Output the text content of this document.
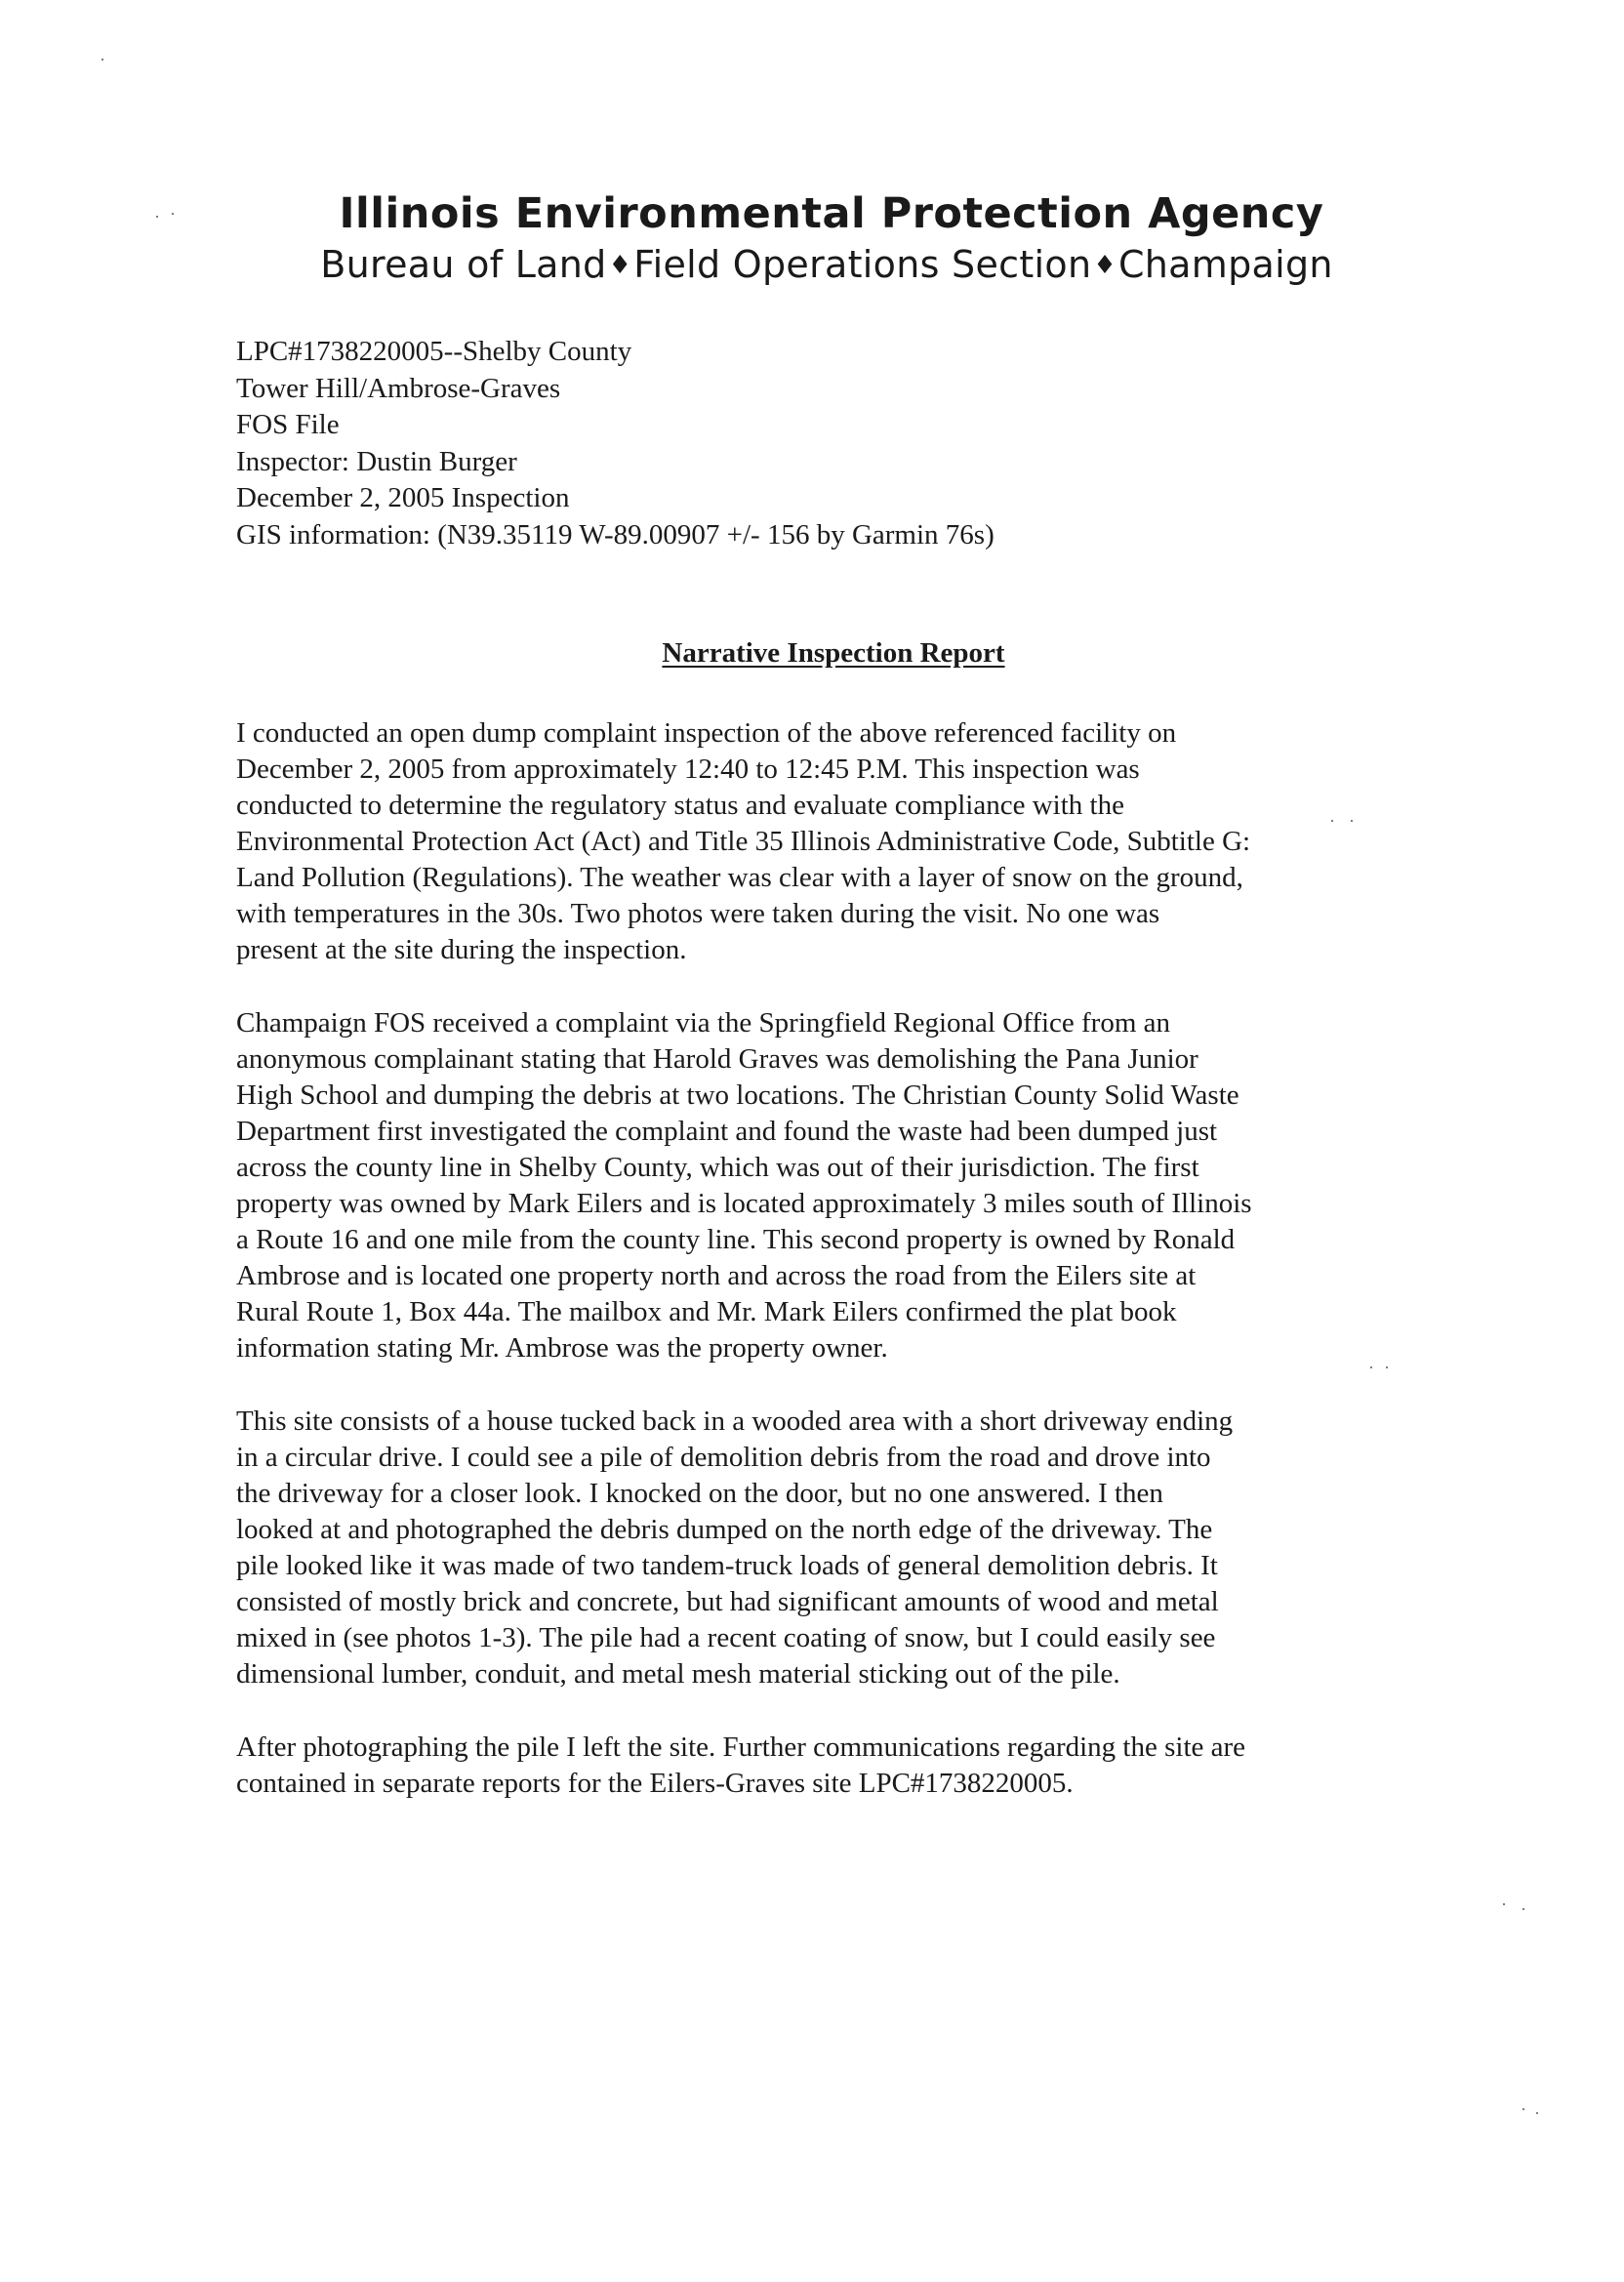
Illinois Environmental Protection Agency
Bureau of Land♦Field Operations Section♦Champaign
LPC#1738220005--Shelby County
Tower Hill/Ambrose-Graves
FOS File
Inspector: Dustin Burger
December 2, 2005 Inspection
GIS information: (N39.35119 W-89.00907 +/- 156 by Garmin 76s)
Narrative Inspection Report
I conducted an open dump complaint inspection of the above referenced facility on
December 2, 2005 from approximately 12:40 to 12:45 P.M. This inspection was
conducted to determine the regulatory status and evaluate compliance with the
Environmental Protection Act (Act) and Title 35 Illinois Administrative Code, Subtitle G:
Land Pollution (Regulations). The weather was clear with a layer of snow on the ground,
with temperatures in the 30s. Two photos were taken during the visit. No one was
present at the site during the inspection.
Champaign FOS received a complaint via the Springfield Regional Office from an
anonymous complainant stating that Harold Graves was demolishing the Pana Junior
High School and dumping the debris at two locations. The Christian County Solid Waste
Department first investigated the complaint and found the waste had been dumped just
across the county line in Shelby County, which was out of their jurisdiction. The first
property was owned by Mark Eilers and is located approximately 3 miles south of Illinois
a Route 16 and one mile from the county line. This second property is owned by Ronald
Ambrose and is located one property north and across the road from the Eilers site at
Rural Route 1, Box 44a. The mailbox and Mr. Mark Eilers confirmed the plat book
information stating Mr. Ambrose was the property owner.
This site consists of a house tucked back in a wooded area with a short driveway ending
in a circular drive. I could see a pile of demolition debris from the road and drove into
the driveway for a closer look. I knocked on the door, but no one answered. I then
looked at and photographed the debris dumped on the north edge of the driveway. The
pile looked like it was made of two tandem-truck loads of general demolition debris. It
consisted of mostly brick and concrete, but had significant amounts of wood and metal
mixed in (see photos 1-3). The pile had a recent coating of snow, but I could easily see
dimensional lumber, conduit, and metal mesh material sticking out of the pile.
After photographing the pile I left the site. Further communications regarding the site are
contained in separate reports for the Eilers-Graves site LPC#1738220005.
